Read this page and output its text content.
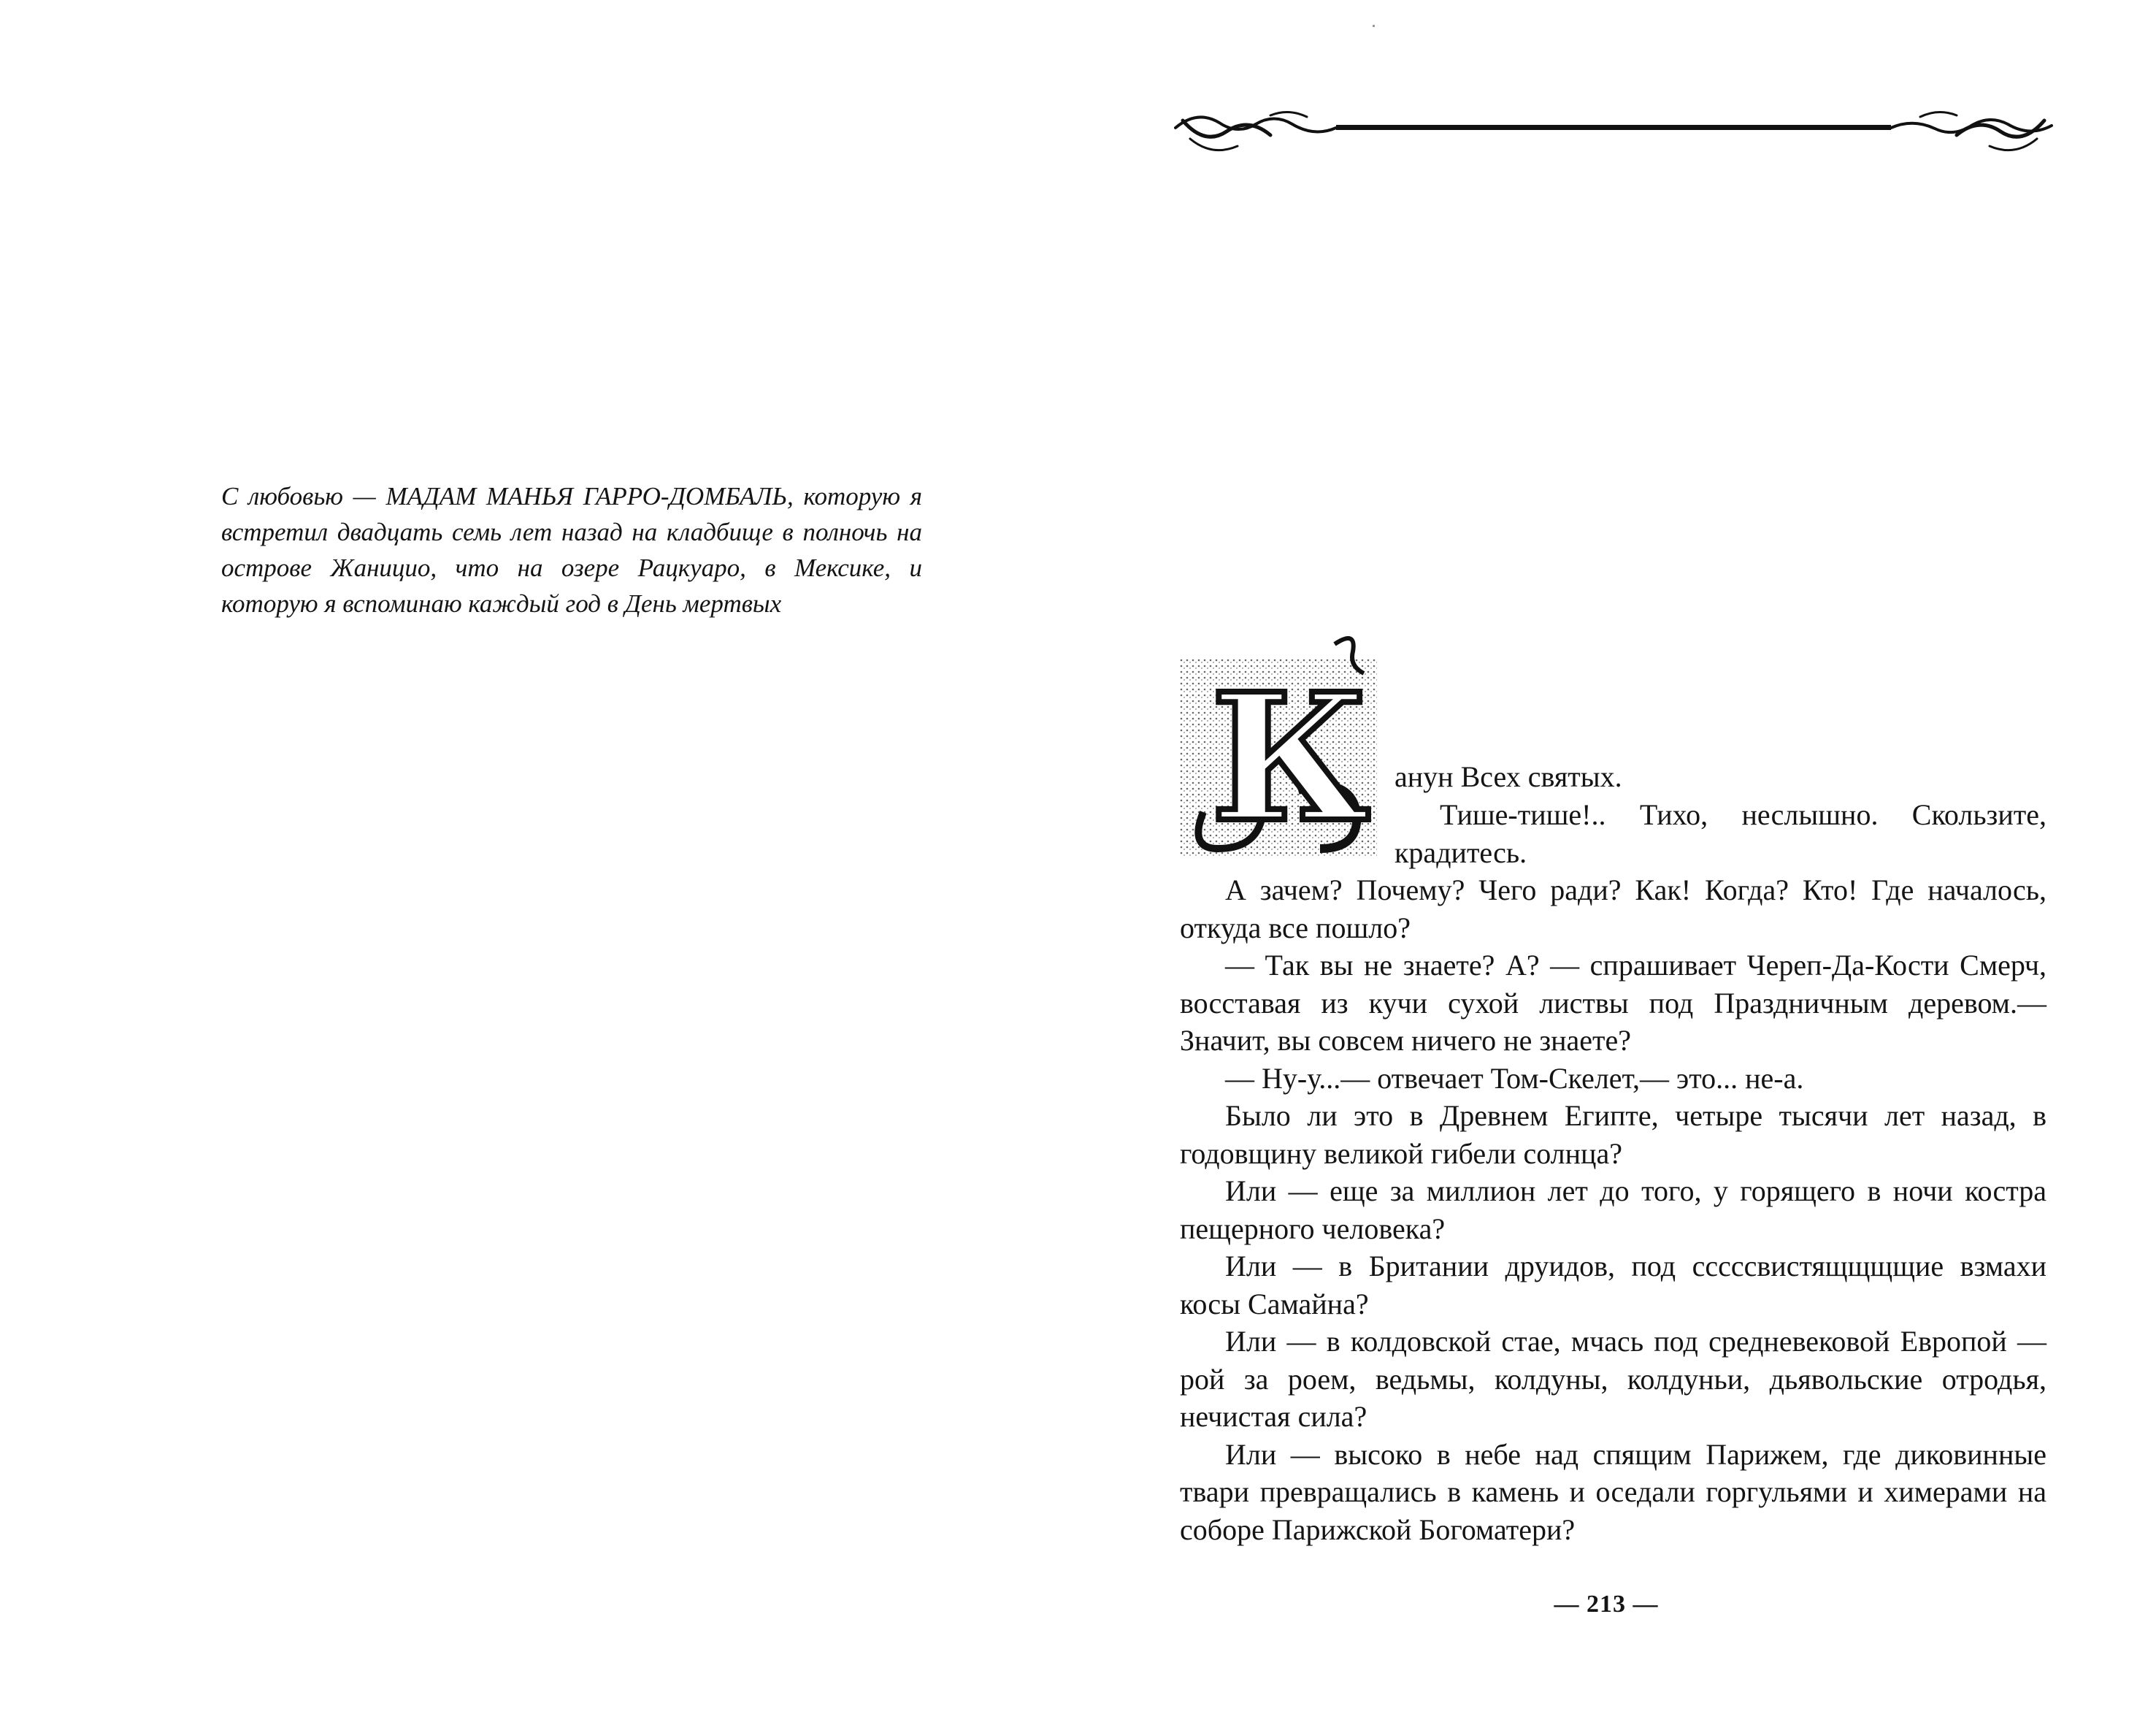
С любовью — МАДАМ МАНЬЯ ГАРРО-ДОМБАЛЬ, которую я встретил двадцать семь лет назад на кладбище в полночь на острове Жаницио, что на озере Рацкуаро, в Мексике, и которую я вспоминаю каждый год в День мертвых

К анун Всех святых.

Тише-тише!.. Тихо, неслышно. Скользите, крадитесь.

А зачем? Почему? Чего ради? Как! Когда? Кто! Где началось, откуда все пошло?

— Так вы не знаете? А? — спрашивает Череп-Да-Кости Смерч, восставая из кучи сухой листвы под Праздничным деревом.— Значит, вы совсем ничего не знаете?

— Ну-у...— отвечает Том-Скелет,— это... не-а.

Было ли это в Древнем Египте, четыре тысячи лет назад, в годовщину великой гибели солнца?

Или — еще за миллион лет до того, у горящего в ночи костра пещерного человека?

Или — в Британии друидов, под сссссвистящщщщие взмахи косы Самайна?

Или — в колдовской стае, мчась под средневековой Европой — рой за роем, ведьмы, колдуны, колдуньи, дьявольские отродья, нечистая сила?

Или — высоко в небе над спящим Парижем, где диковинные твари превращались в камень и оседали горгульями и химерами на соборе Парижской Богоматери?

— 213 —
